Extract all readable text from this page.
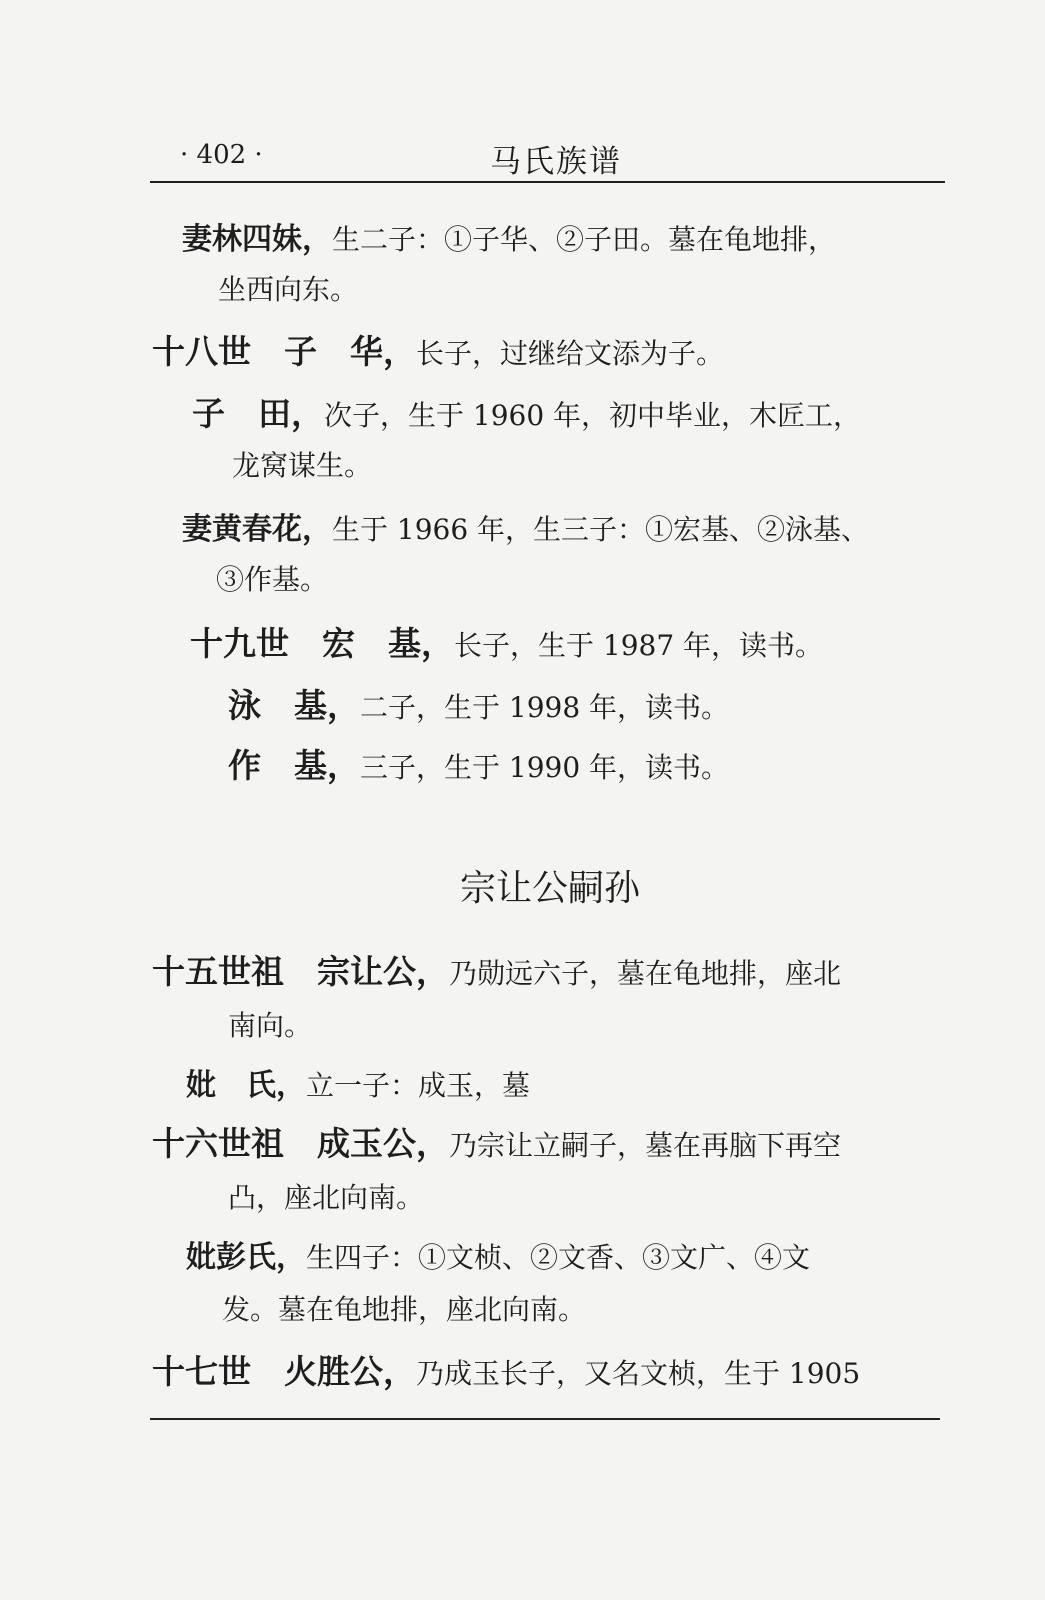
· 402 ·	马氏族谱
妻林四妹，生二子：①子华、②子田。墓在龟地排，
坐西向东。
十八世　子　华，长子，过继给文添为子。
子　田，次子，生于 1960 年，初中毕业，木匠工，
龙窝谋生。
妻黄春花，生于 1966 年，生三子：①宏基、②泳基、
③作基。
十九世　宏　基，长子，生于 1987 年，读书。
泳　基，二子，生于 1998 年，读书。
作　基，三子，生于 1990 年，读书。
宗让公嗣孙
十五世祖　宗让公，乃勋远六子，墓在龟地排，座北
南向。
妣　氏，立一子：成玉，墓
十六世祖　成玉公，乃宗让立嗣子，墓在再脑下再空
凸，座北向南。
妣彭氏，生四子：①文桢、②文香、③文广、④文
发。墓在龟地排，座北向南。
十七世　火胜公，乃成玉长子，又名文桢，生于 1905
